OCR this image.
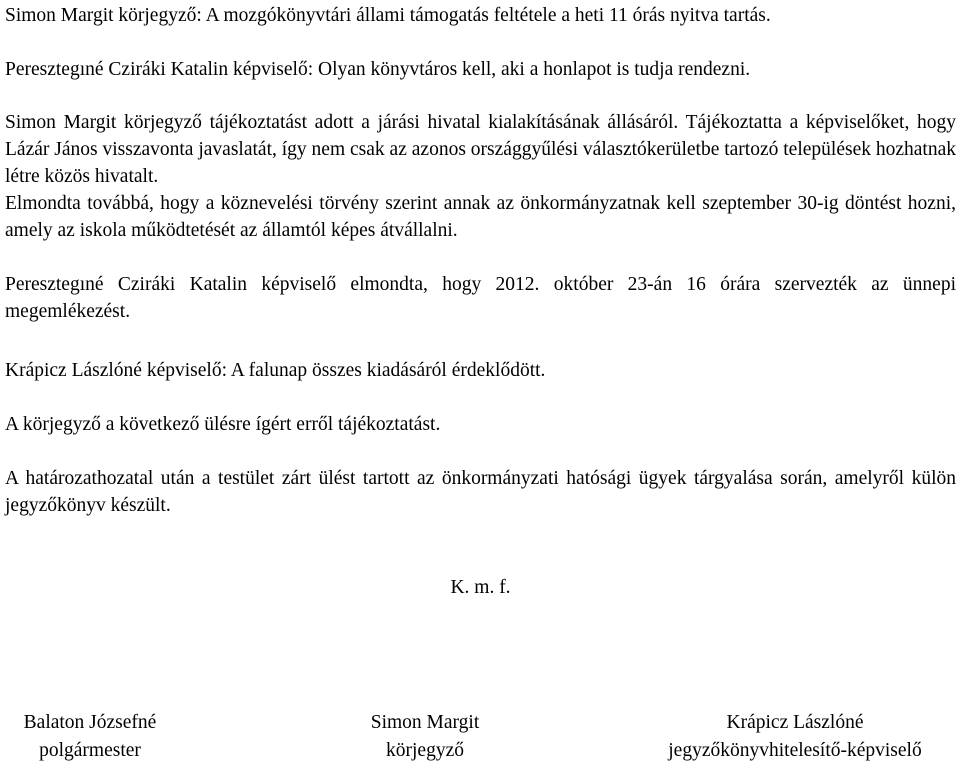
Simon Margit körjegyző: A mozgókönyvtári állami támogatás feltétele a heti 11 órás nyitva tartás.

Peresztegıné Cziráki Katalin képviselő: Olyan könyvtáros kell, aki a honlapot is tudja rendezni.

Simon Margit körjegyző tájékoztatást adott a járási hivatal kialakításának állásáról. Tájékoztatta a képviselőket, hogy Lázár János visszavonta javaslatát, így nem csak az azonos országgyűlési választókerületbe tartozó települések hozhatnak létre közös hivatalt.

Elmondta továbbá, hogy a köznevelési törvény szerint annak az önkormányzatnak kell szeptember 30-ig döntést hozni, amely az iskola működtetését az államtól képes átvállalni.

Peresztegıné Cziráki Katalin képviselő elmondta, hogy 2012. október 23-án 16 órára szervezték az ünnepi megemlékezést.

Krápicz Lászlóné képviselő: A falunap összes kiadásáról érdeklődött.

A körjegyző a következő ülésre ígért erről tájékoztatást.

A határozathozatal után a testület zárt ülést tartott az önkormányzati hatósági ügyek tárgyalása során, amelyről külön jegyzőkönyv készült.

K. m. f.
Balaton Józsefné
polgármester
Simon Margit
körjegyző
Krápicz Lászlóné
jegyzőkönyvhitelesítő-képviselő
